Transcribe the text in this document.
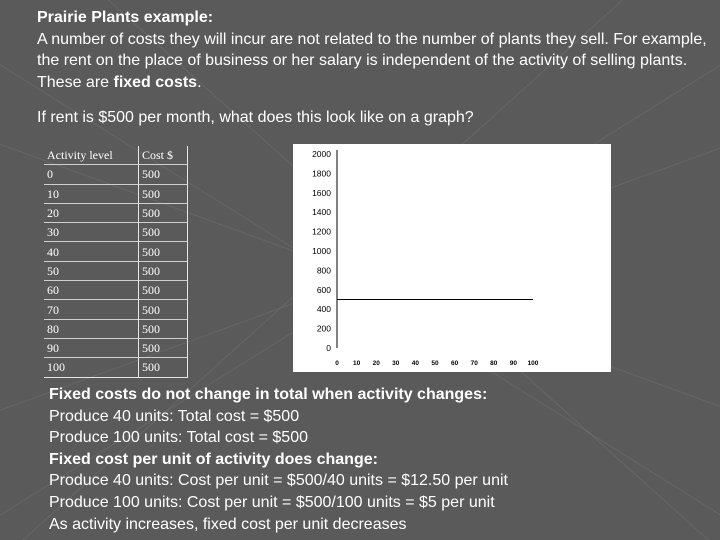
Prairie Plants example:
A number of costs they will incur are not related to the number of plants they sell. For example, the rent on the place of business or her salary is independent of the activity of selling plants. These are fixed costs.
If rent is $500 per month, what does this look like on a graph?
Activity level	Cost $
0	500
10	500
20	500
30	500
40	500
50	500
60	500
70	500
80	500
90	500
100	500
2000
1800
1600
1400
1200
1000
800
600
400
200
0
0 10 20 30 40 50 60 70 80 90 100
Fixed costs do not change in total when activity changes:
Produce 40 units: Total cost = $500
Produce 100 units: Total cost = $500
Fixed cost per unit of activity does change:
Produce 40 units: Cost per unit = $500/40 units = $12.50 per unit
Produce 100 units: Cost per unit = $500/100 units = $5 per unit
As activity increases, fixed cost per unit decreases
